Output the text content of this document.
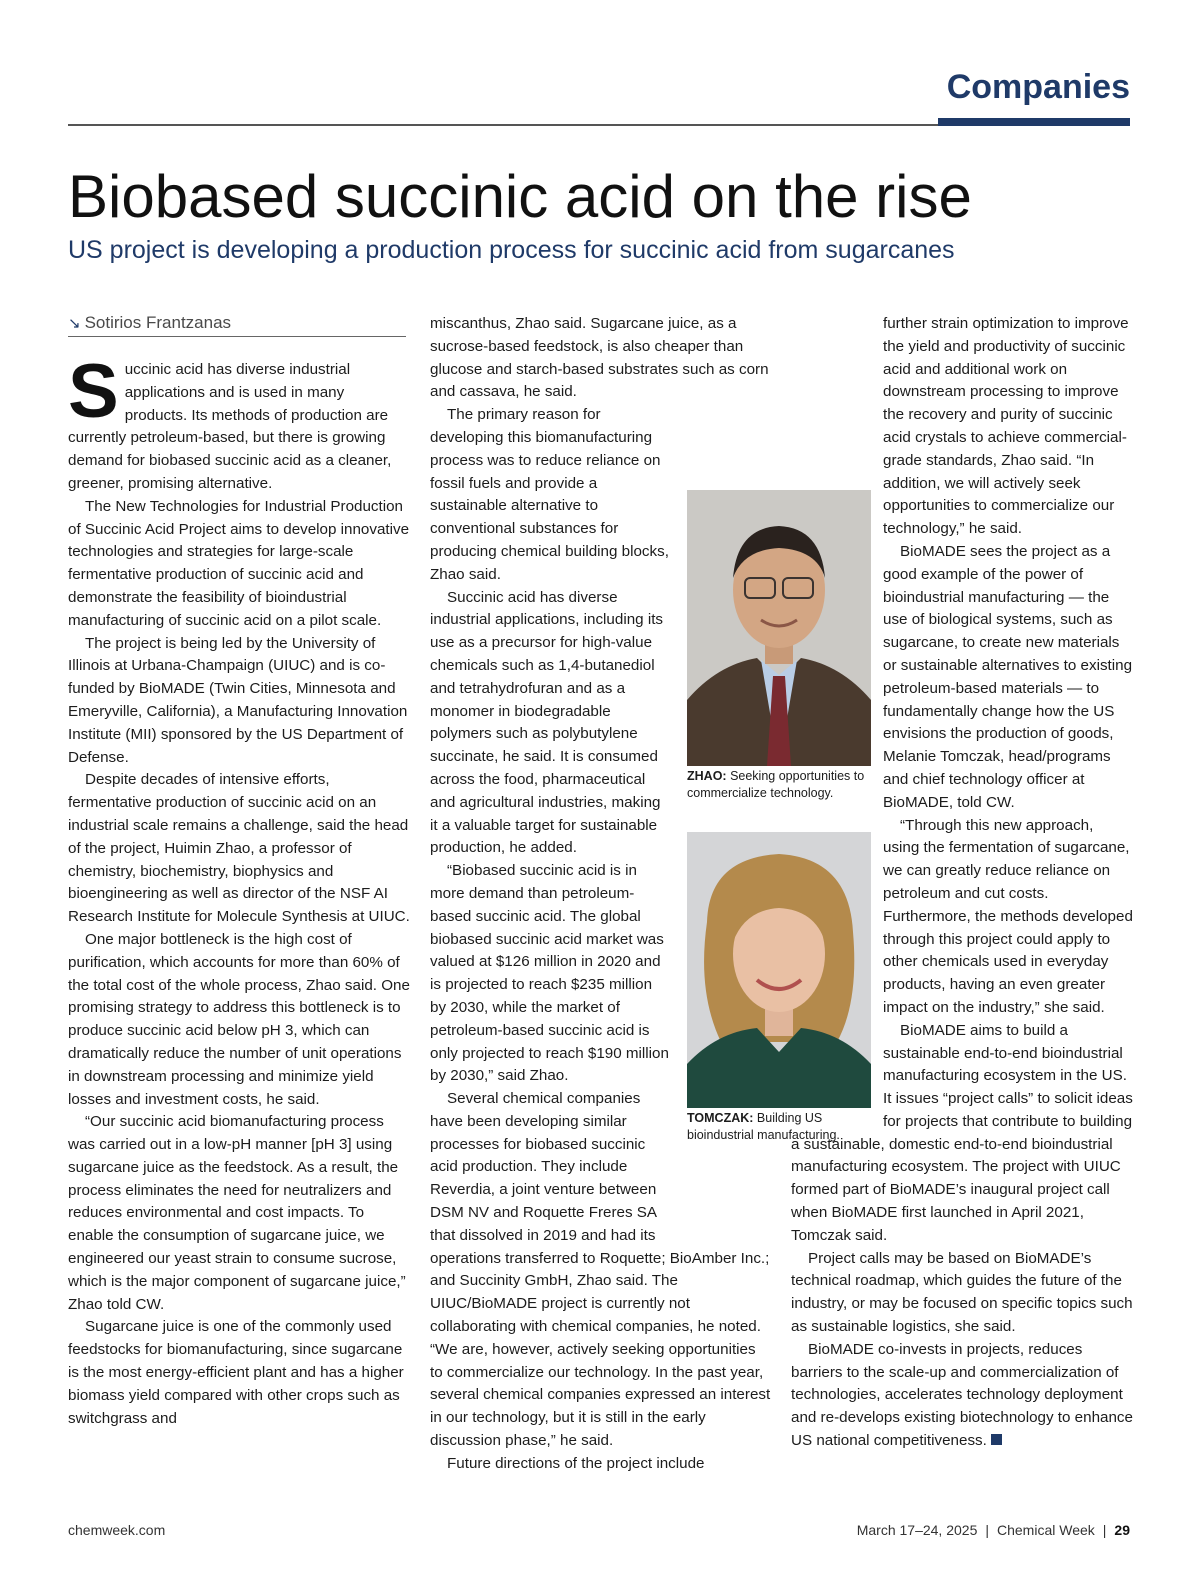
Companies
Biobased succinic acid on the rise
US project is developing a production process for succinic acid from sugarcanes
↘ Sotirios Frantzanas

Succinic acid has diverse industrial applications and is used in many products. Its methods of production are currently petroleum-based, but there is growing demand for biobased succinic acid as a cleaner, greener, promising alternative.

The New Technologies for Industrial Production of Succinic Acid Project aims to develop innovative technologies and strategies for large-scale fermentative production of succinic acid and demonstrate the feasibility of bioindustrial manufacturing of succinic acid on a pilot scale.

The project is being led by the University of Illinois at Urbana-Champaign (UIUC) and is co-funded by BioMADE (Twin Cities, Minnesota and Emeryville, California), a Manufacturing Innovation Institute (MII) sponsored by the US Department of Defense.

Despite decades of intensive efforts, fermentative production of succinic acid on an industrial scale remains a challenge, said the head of the project, Huimin Zhao, a professor of chemistry, biochemistry, biophysics and bioengineering as well as director of the NSF AI Research Institute for Molecule Synthesis at UIUC.

One major bottleneck is the high cost of purification, which accounts for more than 60% of the total cost of the whole process, Zhao said. One promising strategy to address this bottleneck is to produce succinic acid below pH 3, which can dramatically reduce the number of unit operations in downstream processing and minimize yield losses and investment costs, he said.

“Our succinic acid biomanufacturing process was carried out in a low-pH manner [pH 3] using sugarcane juice as the feedstock. As a result, the process eliminates the need for neutralizers and reduces environmental and cost impacts. To enable the consumption of sugarcane juice, we engineered our yeast strain to consume sucrose, which is the major component of sugarcane juice,” Zhao told CW.

Sugarcane juice is one of the commonly used feedstocks for biomanufacturing, since sugarcane is the most energy-efficient plant and has a higher biomass yield compared with other crops such as switchgrass and

miscanthus, Zhao said. Sugarcane juice, as a sucrose-based feedstock, is also cheaper than glucose and starch-based substrates such as corn and cassava, he said.

The primary reason for developing this biomanufacturing process was to reduce reliance on fossil fuels and provide a sustainable alternative to conventional substances for producing chemical building blocks, Zhao said.

Succinic acid has diverse industrial applications, including its use as a precursor for high-value chemicals such as 1,4-butanediol and tetrahydrofuran and as a monomer in biodegradable polymers such as polybutylene succinate, he said. It is consumed across the food, pharmaceutical and agricultural industries, making it a valuable target for sustainable production, he added.

“Biobased succinic acid is in more demand than petroleum-based succinic acid. The global biobased succinic acid market was valued at $126 million in 2020 and is projected to reach $235 million by 2030, while the market of petroleum-based succinic acid is only projected to reach $190 million by 2030,” said Zhao.

Several chemical companies have been developing similar processes for biobased succinic acid production. They include Reverdia, a joint venture between DSM NV and Roquette Freres SA that dissolved in 2019 and had its operations transferred to Roquette; BioAmber Inc.; and Succinity GmbH, Zhao said. The UIUC/BioMADE project is currently not collaborating with chemical companies, he noted. “We are, however, actively seeking opportunities to commercialize our technology. In the past year, several chemical companies expressed an interest in our technology, but it is still in the early discussion phase,” he said.

Future directions of the project include

further strain optimization to improve the yield and productivity of succinic acid and additional work on downstream processing to improve the recovery and purity of succinic acid crystals to achieve commercial-grade standards, Zhao said. “In addition, we will actively seek opportunities to commercialize our technology,” he said.

BioMADE sees the project as a good example of the power of bioindustrial manufacturing — the use of biological systems, such as sugarcane, to create new materials or sustainable alternatives to existing petroleum-based materials — to fundamentally change how the US envisions the production of goods, Melanie Tomczak, head/programs and chief technology officer at BioMADE, told CW.

“Through this new approach, using the fermentation of sugarcane, we can greatly reduce reliance on petroleum and cut costs. Furthermore, the methods developed through this project could apply to other chemicals used in everyday products, having an even greater impact on the industry,” she said.

BioMADE aims to build a sustainable end-to-end bioindustrial manufacturing ecosystem in the US. It issues “project calls” to solicit ideas for projects that contribute to building a sustainable, domestic end-to-end bioindustrial manufacturing ecosystem. The project with UIUC formed part of BioMADE’s inaugural project call when BioMADE first launched in April 2021, Tomczak said.

Project calls may be based on BioMADE’s technical roadmap, which guides the future of the industry, or may be focused on specific topics such as sustainable logistics, she said.

BioMADE co-invests in projects, reduces barriers to the scale-up and commercialization of technologies, accelerates technology deployment and re-develops existing biotechnology to enhance US national competitiveness.

ZHAO: Seeking opportunities to commercialize technology.
TOMCZAK: Building US bioindustrial manufacturing.
chemweek.com	March 17–24, 2025 | Chemical Week | 29
